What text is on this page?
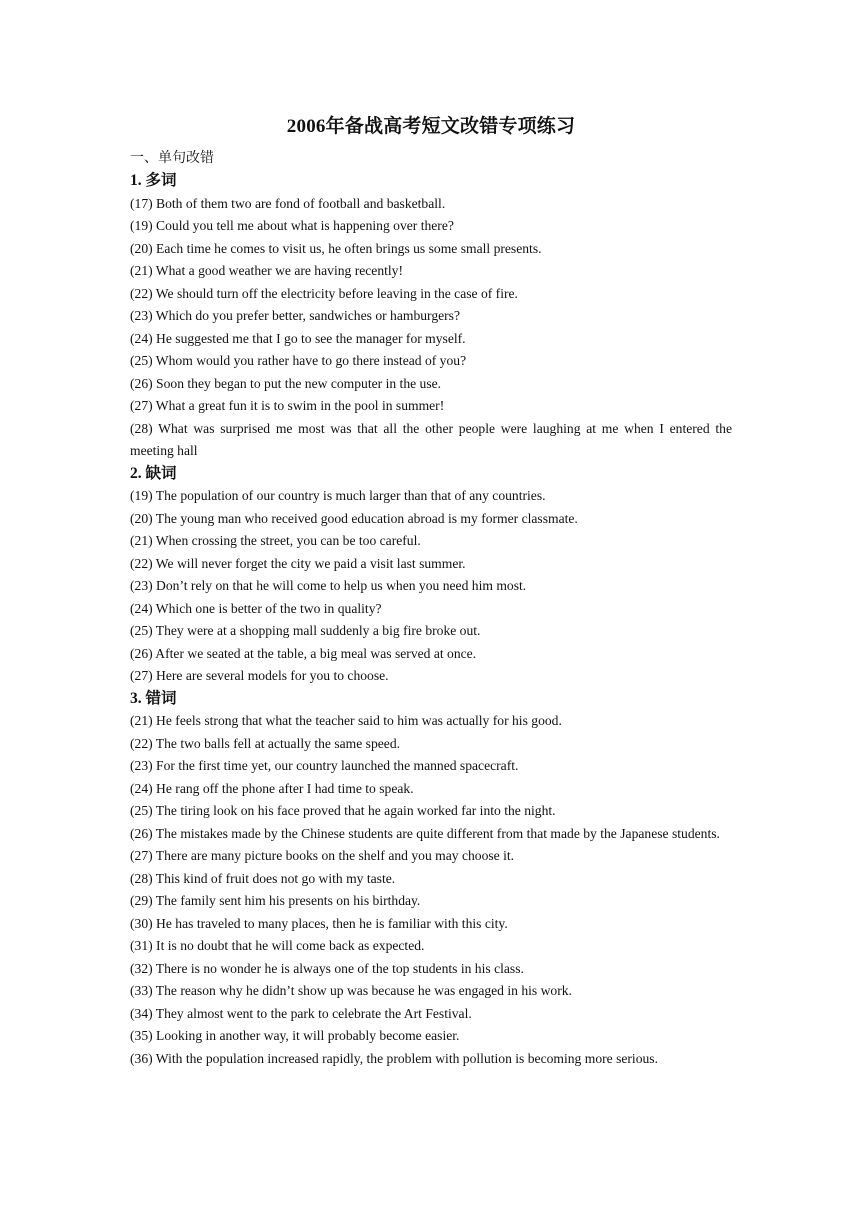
2006年备战高考短文改错专项练习

一、单句改错

1. 多词
(17) Both of them two are fond of football and basketball.
(19) Could you tell me about what is happening over there?
(20) Each time he comes to visit us, he often brings us some small presents.
(21) What a good weather we are having recently!
(22) We should turn off the electricity before leaving in the case of fire.
(23) Which do you prefer better, sandwiches or hamburgers?
(24) He suggested me that I go to see the manager for myself.
(25) Whom would you rather have to go there instead of you?
(26) Soon they began to put the new computer in the use.
(27) What a great fun it is to swim in the pool in summer!
(28) What was surprised me most was that all the other people were laughing at me when I entered the meeting hall
2. 缺词
(19) The population of our country is much larger than that of any countries.
(20) The young man who received good education abroad is my former classmate.
(21) When crossing the street, you can be too careful.
(22) We will never forget the city we paid a visit last summer.
(23) Don’t rely on that he will come to help us when you need him most.
(24) Which one is better of the two in quality?
(25) They were at a shopping mall suddenly a big fire broke out.
(26) After we seated at the table, a big meal was served at once.
(27) Here are several models for you to choose.
3. 错词
(21) He feels strong that what the teacher said to him was actually for his good.
(22) The two balls fell at actually the same speed.
(23) For the first time yet, our country launched the manned spacecraft.
(24) He rang off the phone after I had time to speak.
(25) The tiring look on his face proved that he again worked far into the night.
(26) The mistakes made by the Chinese students are quite different from that made by the Japanese students.
(27) There are many picture books on the shelf and you may choose it.
(28) This kind of fruit does not go with my taste.
(29) The family sent him his presents on his birthday.
(30) He has traveled to many places, then he is familiar with this city.
(31) It is no doubt that he will come back as expected.
(32) There is no wonder he is always one of the top students in his class.
(33) The reason why he didn’t show up was because he was engaged in his work.
(34) They almost went to the park to celebrate the Art Festival.
(35) Looking in another way, it will probably become easier.
(36) With the population increased rapidly, the problem with pollution is becoming more serious.
